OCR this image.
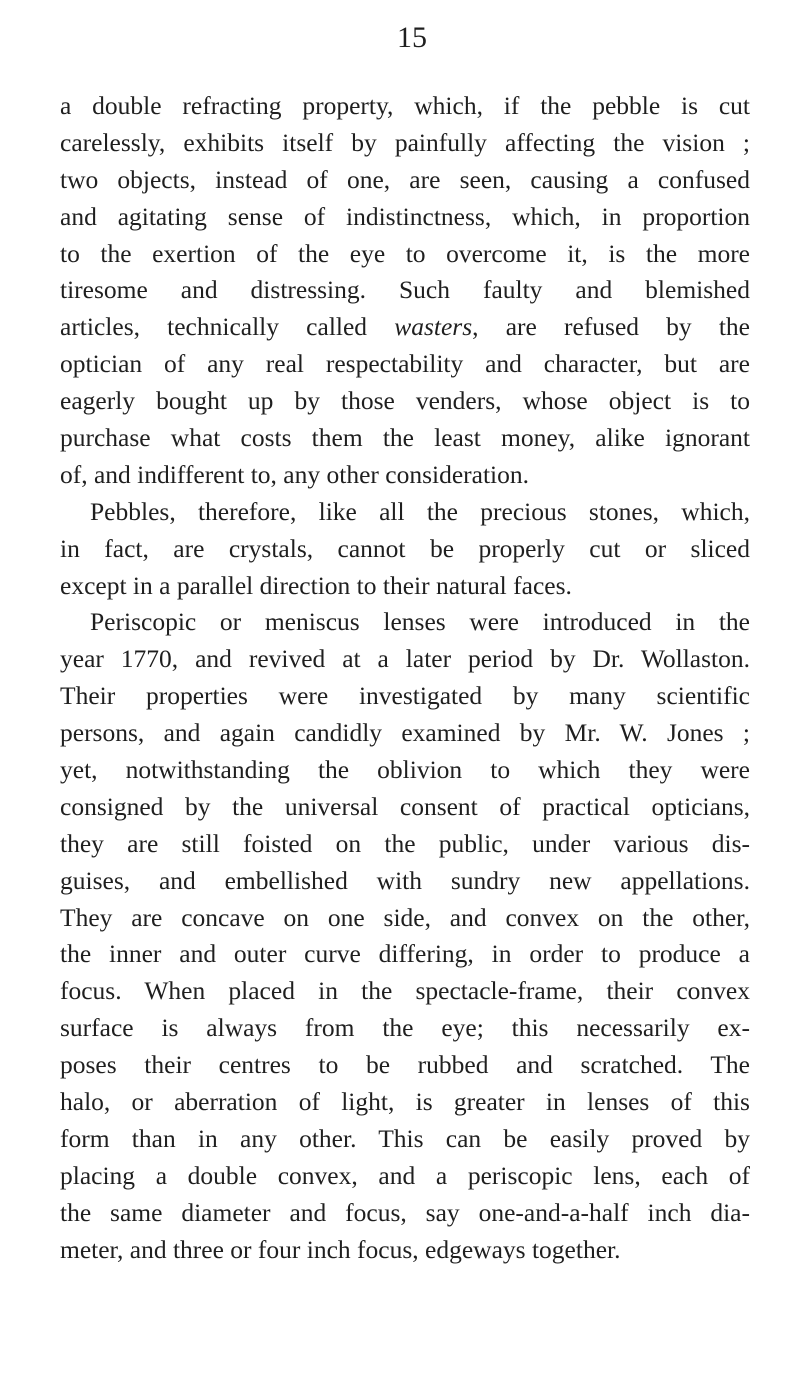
15
a double refracting property, which, if the pebble is cut
carelessly, exhibits itself by painfully affecting the vision ;
two objects, instead of one, are seen, causing a confused
and agitating sense of indistinctness, which, in proportion
to the exertion of the eye to overcome it, is the more
tiresome and distressing. Such faulty and blemished
articles, technically called wasters, are refused by the
optician of any real respectability and character, but are
eagerly bought up by those venders, whose object is to
purchase what costs them the least money, alike ignorant
of, and indifferent to, any other consideration.
Pebbles, therefore, like all the precious stones, which,
in fact, are crystals, cannot be properly cut or sliced
except in a parallel direction to their natural faces.
Periscopic or meniscus lenses were introduced in the
year 1770, and revived at a later period by Dr. Wollaston.
Their properties were investigated by many scientific
persons, and again candidly examined by Mr. W. Jones ;
yet, notwithstanding the oblivion to which they were
consigned by the universal consent of practical opticians,
they are still foisted on the public, under various dis-
guises, and embellished with sundry new appellations.
They are concave on one side, and convex on the other,
the inner and outer curve differing, in order to produce a
focus. When placed in the spectacle-frame, their convex
surface is always from the eye; this necessarily ex-
poses their centres to be rubbed and scratched. The
halo, or aberration of light, is greater in lenses of this
form than in any other. This can be easily proved by
placing a double convex, and a periscopic lens, each of
the same diameter and focus, say one-and-a-half inch dia-
meter, and three or four inch focus, edgeways together.
